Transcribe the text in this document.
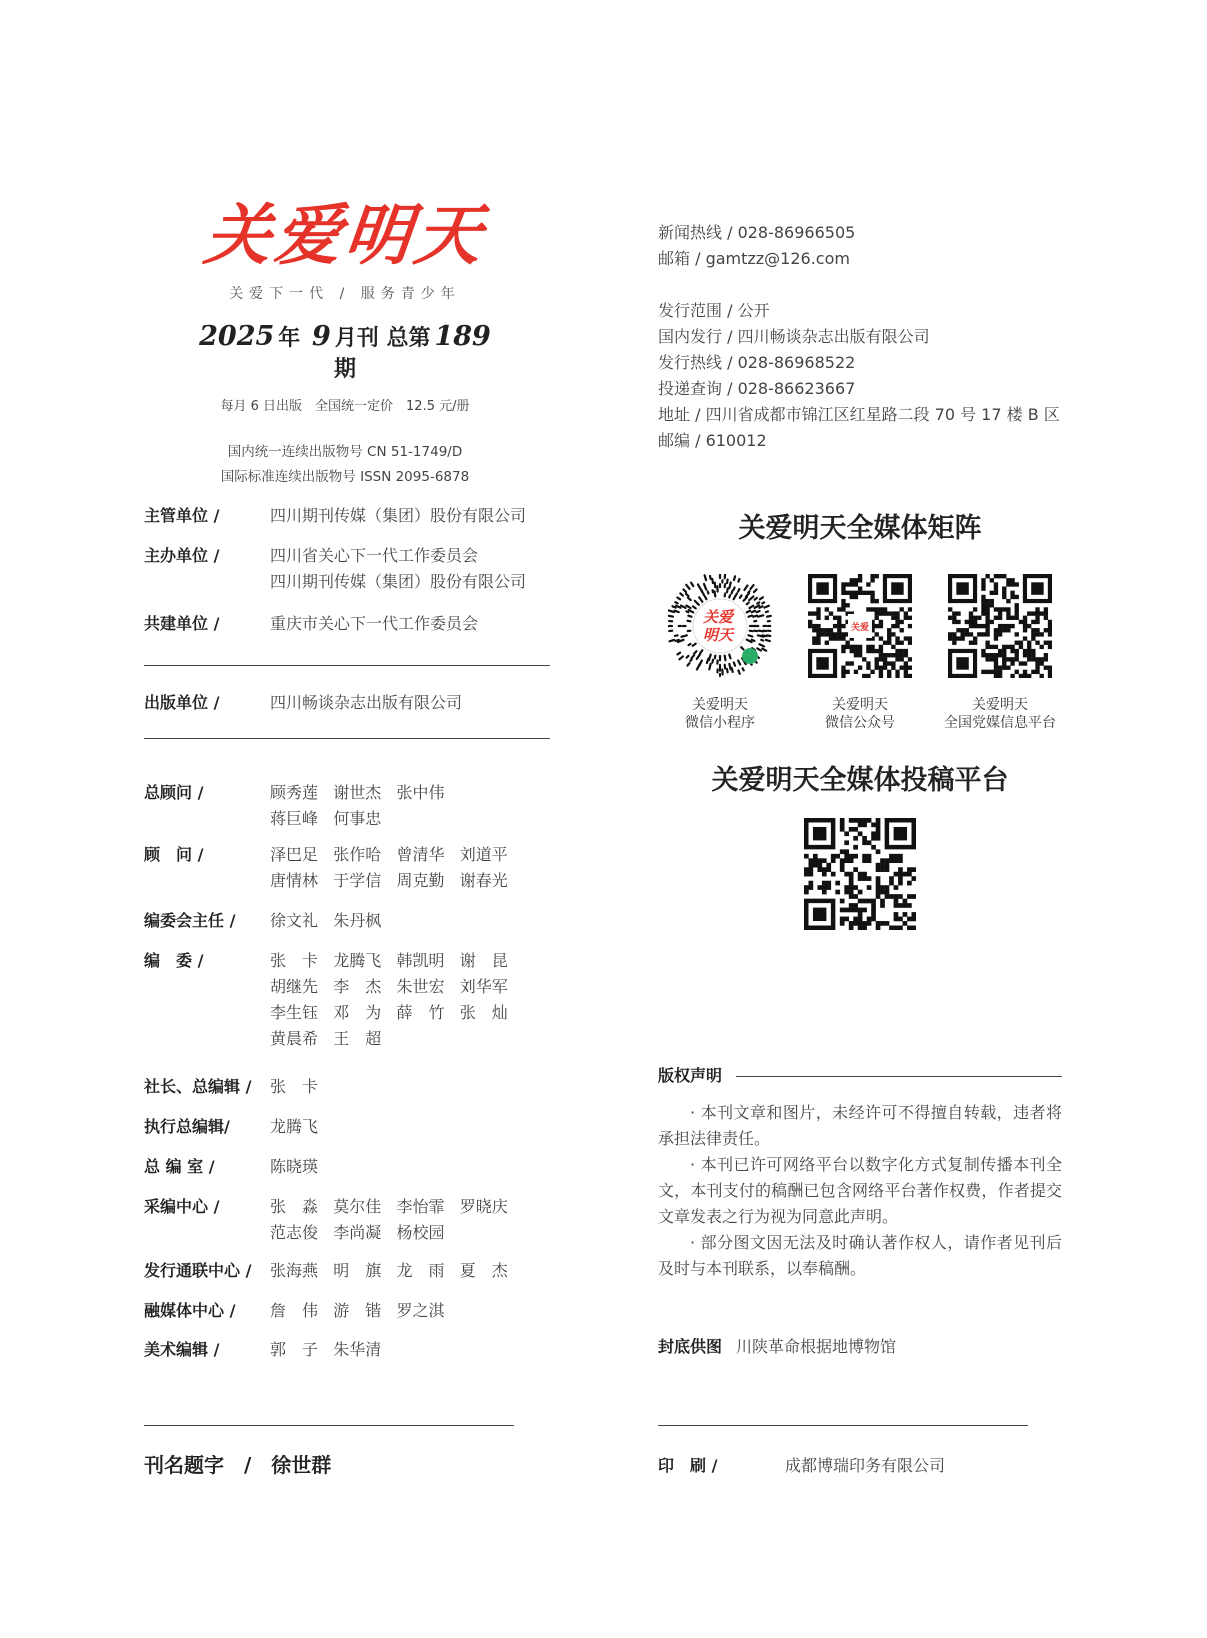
关爱明天
关爱下一代 / 服务青少年
2025 年 9 月刊 总第 189期
每月 6 日出版　全国统一定价　12.5 元/册
国内统一连续出版物号 CN 51-1749/D
国际标准连续出版物号 ISSN 2095-6878
新闻热线 / 028-86966505
邮箱 / gamtzz@126.com
发行范围 / 公开
国内发行 / 四川畅谈杂志出版有限公司
发行热线 / 028-86968522
投递查询 / 028-86623667
地址 / 四川省成都市锦江区红星路二段 70 号 17 楼 B 区
邮编 / 610012
主管单位 /	四川期刊传媒（集团）股份有限公司
主办单位 /	四川省关心下一代工作委员会
四川期刊传媒（集团）股份有限公司
共建单位 /	重庆市关心下一代工作委员会
出版单位 /	四川畅谈杂志出版有限公司
总顾问 /	顾秀莲   谢世杰   张中伟
蒋巨峰   何事忠
顾　问 /	泽巴足   张作哈   曾清华   刘道平
唐情林   于学信   周克勤   谢春光
编委会主任 / 徐文礼   朱丹枫
编　委 /	张　卡   龙腾飞   韩凯明   谢　昆
胡继先   李　杰   朱世宏   刘华军
李生钰   邓　为   薛　竹   张　灿
黄晨希   王　超
社长、总编辑 / 张　卡
执行总编辑/	龙腾飞
总 编 室 /	陈晓瑛
采编中心 /	张　淼   莫尔佳   李怡霏   罗晓庆
范志俊   李尚凝   杨校园
发行通联中心 / 张海燕   明　旗   龙　雨   夏　杰
融媒体中心 / 詹　伟   游　锴   罗之淇
美术编辑 /	郭　子   朱华清
关爱明天全媒体矩阵
关爱
明天
关爱明天
微信小程序
关爱
关爱明天
微信公众号
关爱明天
全国党媒信息平台
关爱明天全媒体投稿平台
版权声明

· 本刊文章和图片，未经许可不得擅自转载，违者将承担法律责任。

· 本刊已许可网络平台以数字化方式复制传播本刊全文，本刊支付的稿酬已包含网络平台著作权费，作者提交文章发表之行为视为同意此声明。

· 部分图文因无法及时确认著作权人，请作者见刊后及时与本刊联系，以奉稿酬。

封底供图 川陕革命根据地博物馆
刊名题字　/　徐世群	印　刷 /	成都博瑞印务有限公司
